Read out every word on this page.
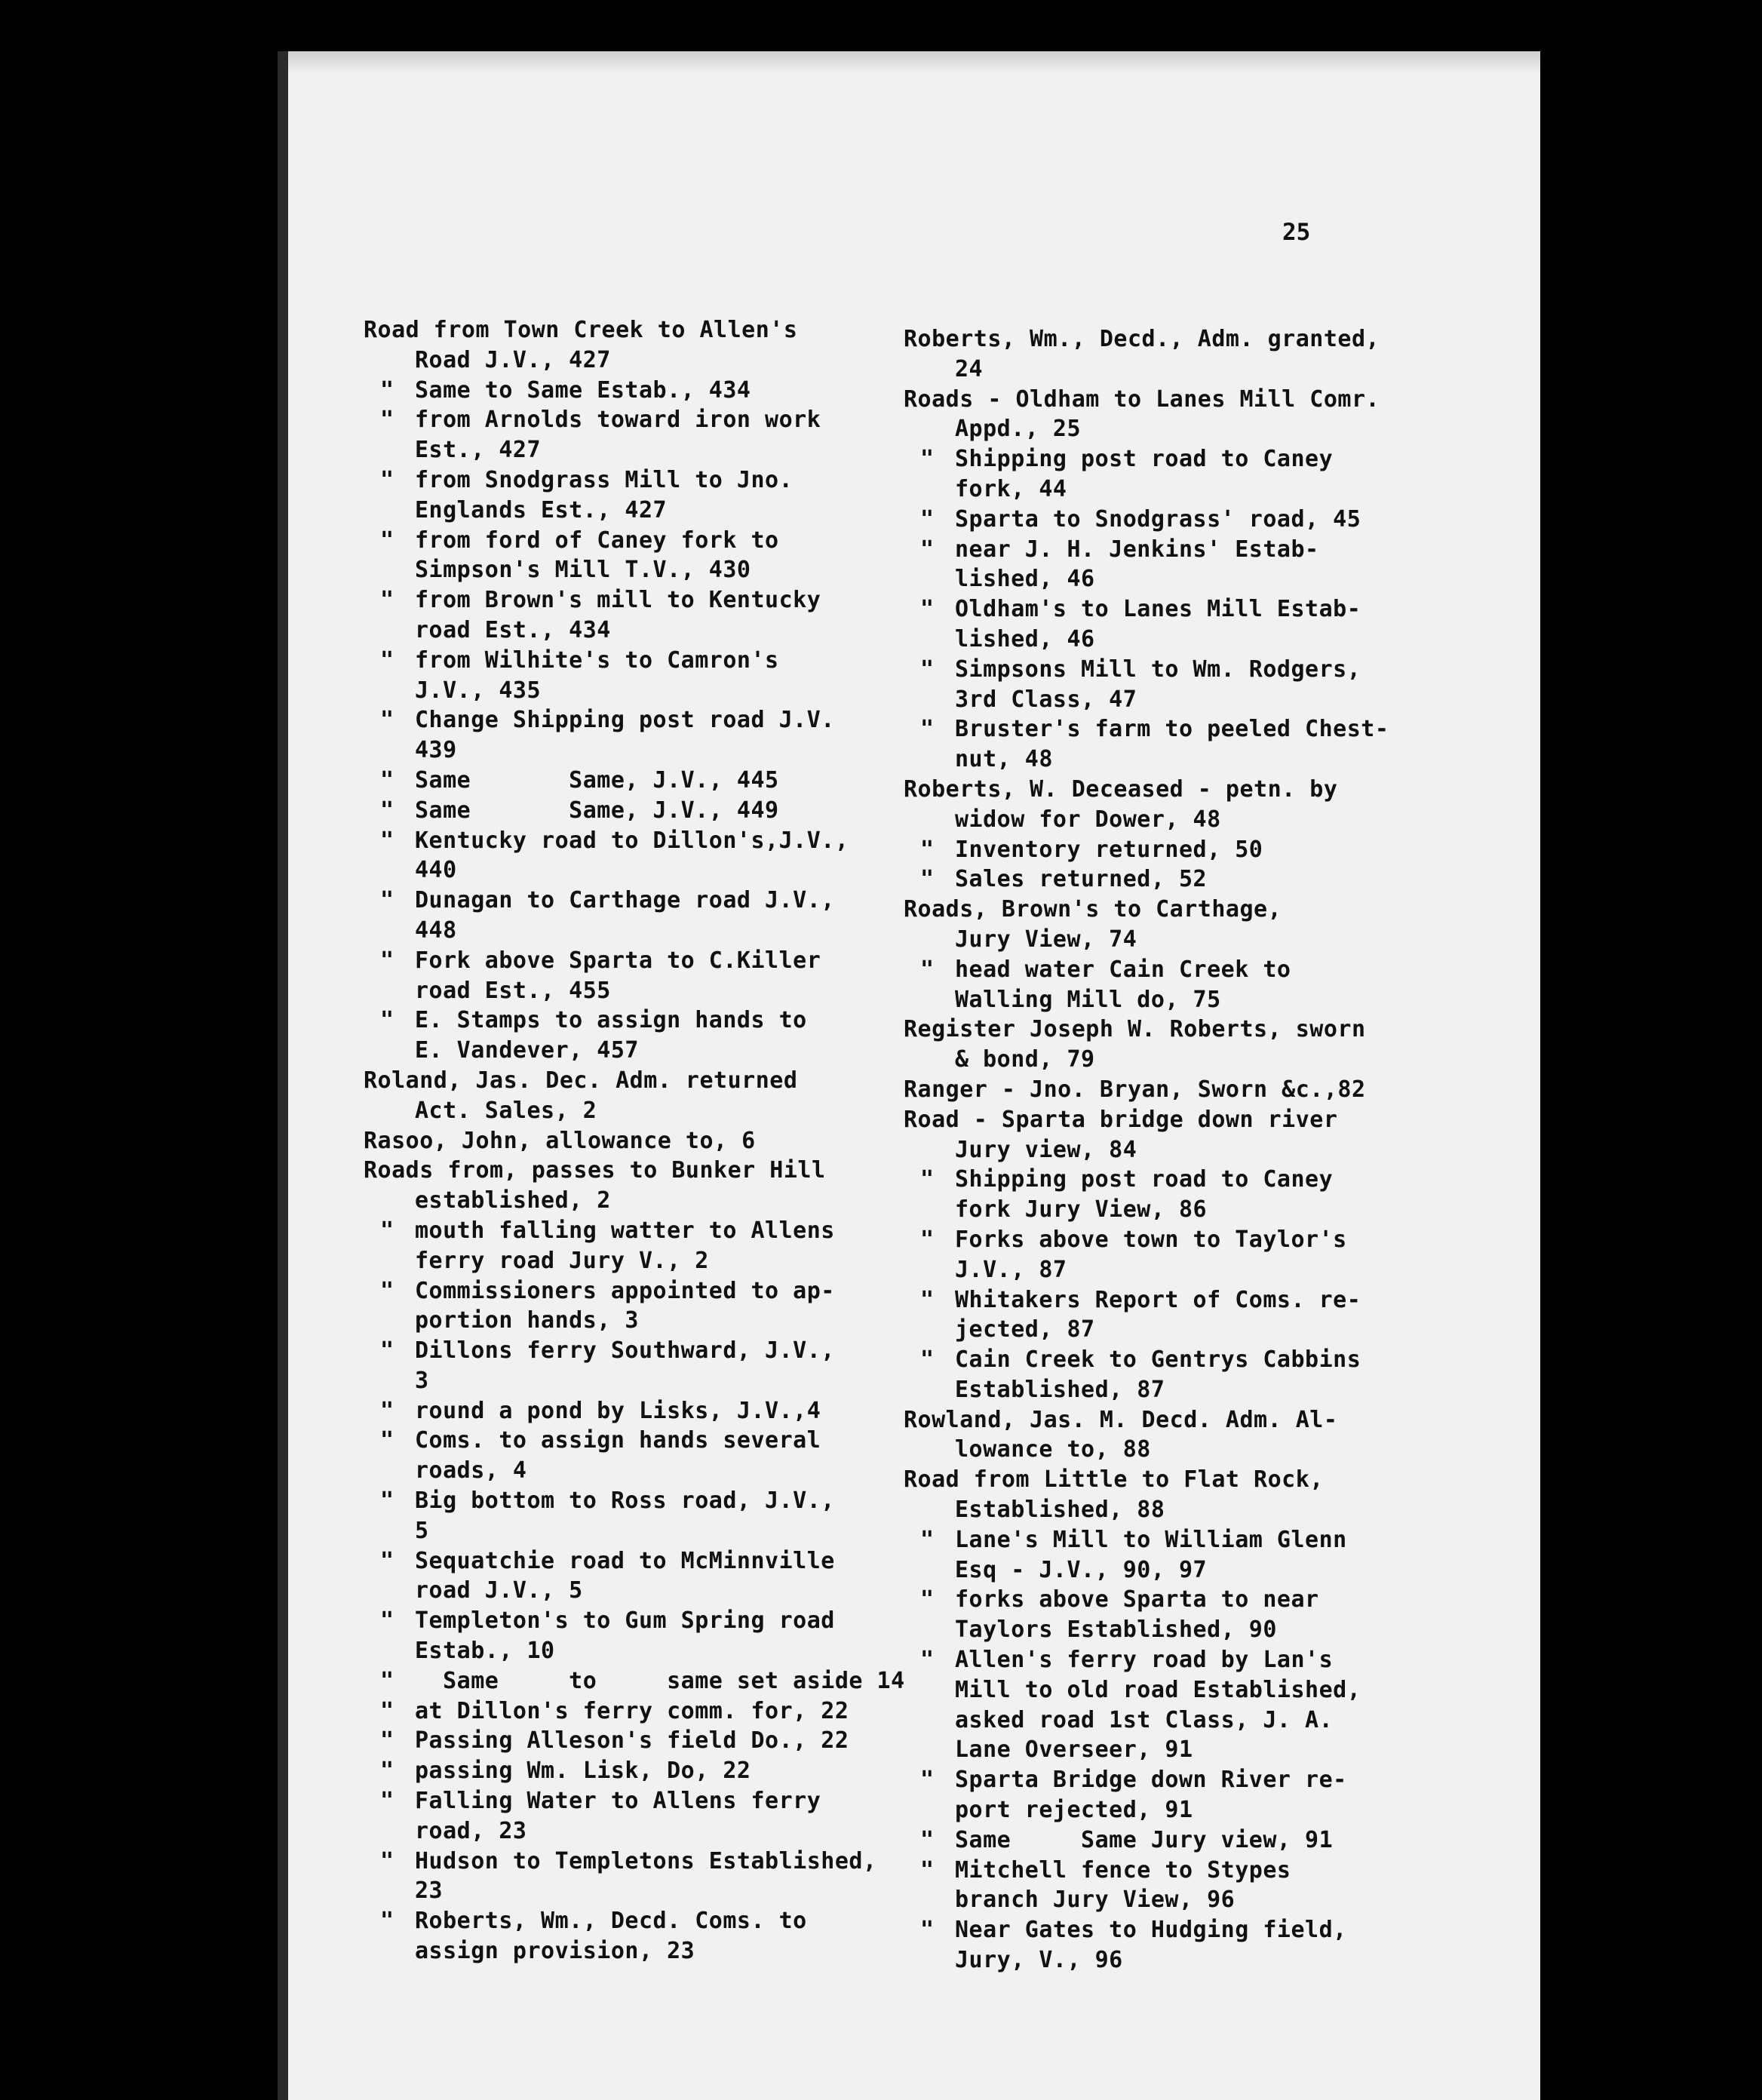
25
Road from Town Creek to Allen's
Road J.V., 427
" Same to Same Estab., 434
" from Arnolds toward iron work
Est., 427
" from Snodgrass Mill to Jno.
Englands Est., 427
" from ford of Caney fork to
Simpson's Mill T.V., 430
" from Brown's mill to Kentucky
road Est., 434
" from Wilhite's to Camron's
J.V., 435
" Change Shipping post road J.V.
439
" Same       Same, J.V., 445
" Same       Same, J.V., 449
" Kentucky road to Dillon's,J.V.,
440
" Dunagan to Carthage road J.V.,
448
" Fork above Sparta to C.Killer
road Est., 455
" E. Stamps to assign hands to
E. Vandever, 457
Roland, Jas. Dec. Adm. returned
Act. Sales, 2
Rasoo, John, allowance to, 6
Roads from, passes to Bunker Hill
established, 2
" mouth falling watter to Allens
ferry road Jury V., 2
" Commissioners appointed to ap-
portion hands, 3
" Dillons ferry Southward, J.V.,
3
" round a pond by Lisks, J.V.,4
" Coms. to assign hands several
roads, 4
" Big bottom to Ross road, J.V.,
5
" Sequatchie road to McMinnville
road J.V., 5
" Templeton's to Gum Spring road
Estab., 10
"  Same     to     same set aside 14
" at Dillon's ferry comm. for, 22
" Passing Alleson's field Do., 22
" passing Wm. Lisk, Do, 22
" Falling Water to Allens ferry
road, 23
" Hudson to Templetons Established,
23
" Roberts, Wm., Decd. Coms. to
assign provision, 23
Roberts, Wm., Decd., Adm. granted,
24
Roads - Oldham to Lanes Mill Comr.
Appd., 25
" Shipping post road to Caney
fork, 44
" Sparta to Snodgrass' road, 45
" near J. H. Jenkins' Estab-
lished, 46
" Oldham's to Lanes Mill Estab-
lished, 46
" Simpsons Mill to Wm. Rodgers,
3rd Class, 47
" Bruster's farm to peeled Chest-
nut, 48
Roberts, W. Deceased - petn. by
widow for Dower, 48
" Inventory returned, 50
" Sales returned, 52
Roads, Brown's to Carthage,
Jury View, 74
" head water Cain Creek to
Walling Mill do, 75
Register Joseph W. Roberts, sworn
& bond, 79
Ranger - Jno. Bryan, Sworn &c.,82
Road - Sparta bridge down river
Jury view, 84
" Shipping post road to Caney
fork Jury View, 86
" Forks above town to Taylor's
J.V., 87
" Whitakers Report of Coms. re-
jected, 87
" Cain Creek to Gentrys Cabbins
Established, 87
Rowland, Jas. M. Decd. Adm. Al-
lowance to, 88
Road from Little to Flat Rock,
Established, 88
" Lane's Mill to William Glenn
Esq - J.V., 90, 97
" forks above Sparta to near
Taylors Established, 90
" Allen's ferry road by Lan's
Mill to old road Established,
asked road 1st Class, J. A.
Lane Overseer, 91
" Sparta Bridge down River re-
port rejected, 91
" Same     Same Jury view, 91
" Mitchell fence to Stypes
branch Jury View, 96
" Near Gates to Hudging field,
Jury, V., 96
